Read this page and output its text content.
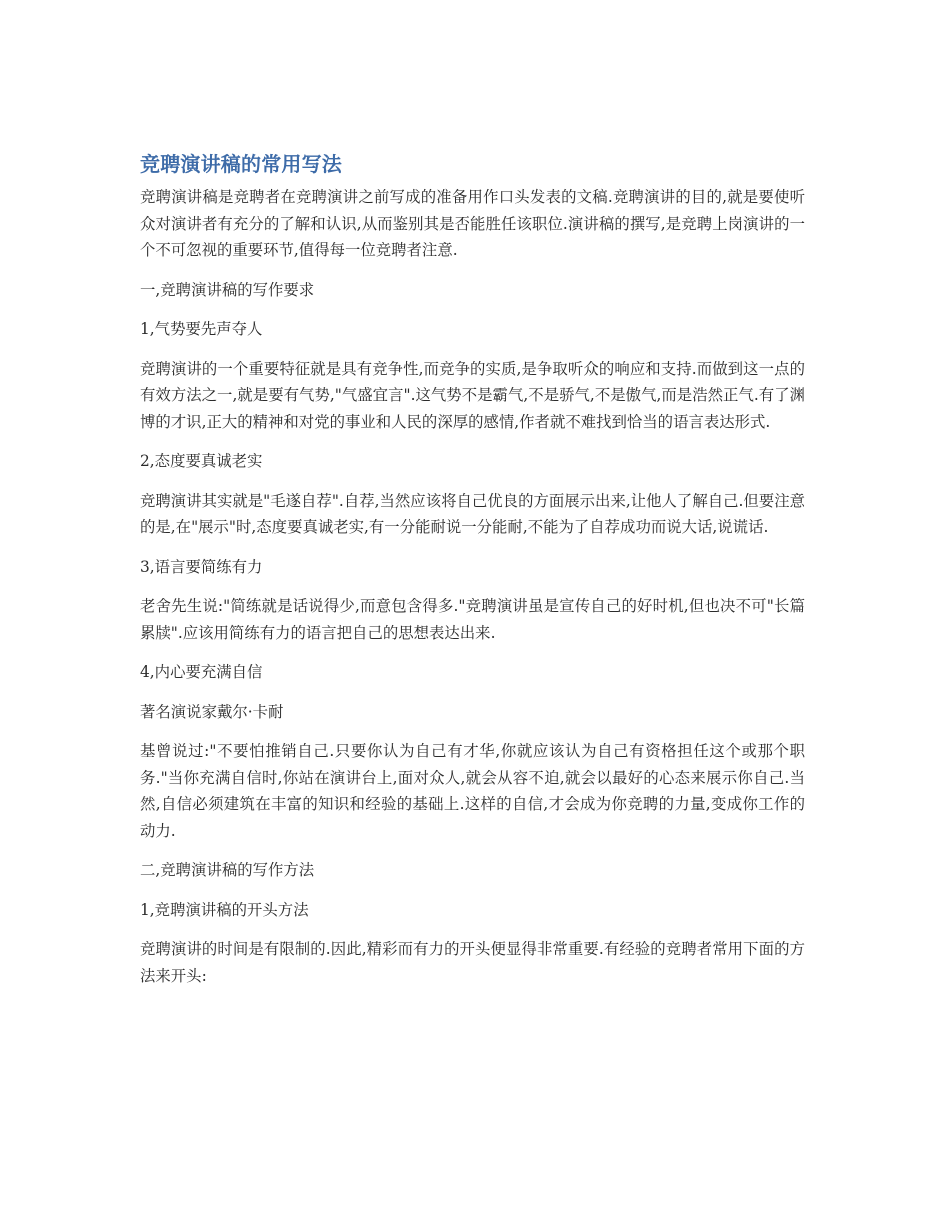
竞聘演讲稿的常用写法

竞聘演讲稿是竞聘者在竞聘演讲之前写成的准备用作口头发表的文稿.竞聘演讲的目的,就是要使听众对演讲者有充分的了解和认识,从而鉴别其是否能胜任该职位.演讲稿的撰写,是竞聘上岗演讲的一个不可忽视的重要环节,值得每一位竞聘者注意.

一,竞聘演讲稿的写作要求

1,气势要先声夺人

竞聘演讲的一个重要特征就是具有竞争性,而竞争的实质,是争取听众的响应和支持.而做到这一点的有效方法之一,就是要有气势,"气盛宜言".这气势不是霸气,不是骄气,不是傲气,而是浩然正气.有了渊博的才识,正大的精神和对党的事业和人民的深厚的感情,作者就不难找到恰当的语言表达形式.

2,态度要真诚老实

竞聘演讲其实就是"毛遂自荐".自荐,当然应该将自己优良的方面展示出来,让他人了解自己.但要注意的是,在"展示"时,态度要真诚老实,有一分能耐说一分能耐,不能为了自荐成功而说大话,说谎话.

3,语言要简练有力

老舍先生说:"简练就是话说得少,而意包含得多."竞聘演讲虽是宣传自己的好时机,但也决不可"长篇累牍".应该用简练有力的语言把自己的思想表达出来.

4,内心要充满自信

著名演说家戴尔·卡耐

基曾说过:"不要怕推销自己.只要你认为自己有才华,你就应该认为自己有资格担任这个或那个职务."当你充满自信时,你站在演讲台上,面对众人,就会从容不迫,就会以最好的心态来展示你自己.当然,自信必须建筑在丰富的知识和经验的基础上.这样的自信,才会成为你竞聘的力量,变成你工作的动力.

二,竞聘演讲稿的写作方法

1,竞聘演讲稿的开头方法

竞聘演讲的时间是有限制的.因此,精彩而有力的开头便显得非常重要.有经验的竞聘者常用下面的方法来开头:
